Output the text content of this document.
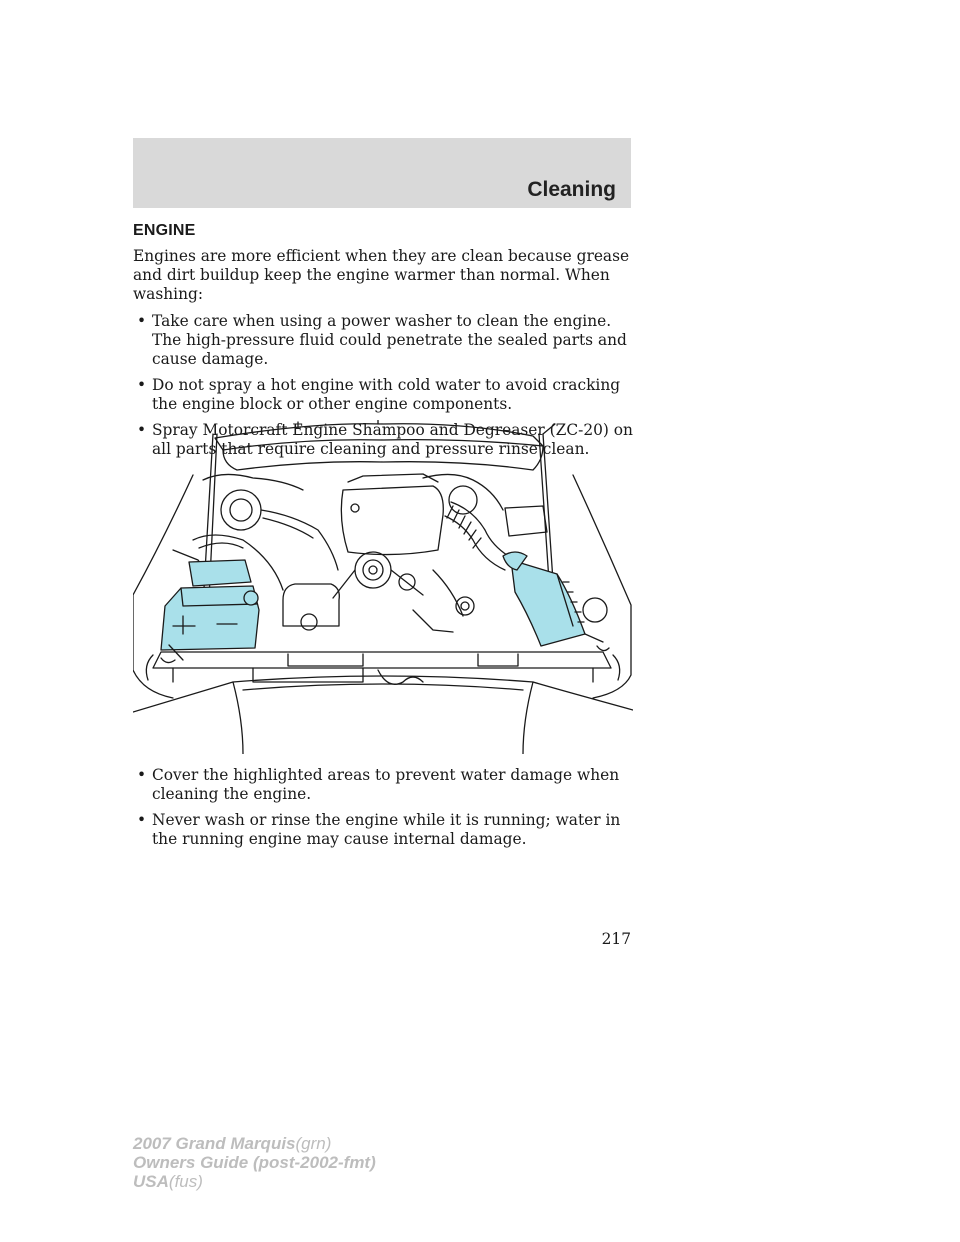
Cleaning
ENGINE

Engines are more efficient when they are clean because grease and dirt buildup keep the engine warmer than normal. When washing:

• Take care when using a power washer to clean the engine. The high-pressure fluid could penetrate the sealed parts and cause damage.
• Do not spray a hot engine with cold water to avoid cracking the engine block or other engine components.
• Spray Motorcraft Engine Shampoo and Degreaser (ZC-20) on all parts that require cleaning and pressure rinse clean.
• Cover the highlighted areas to prevent water damage when cleaning the engine.
• Never wash or rinse the engine while it is running; water in the running engine may cause internal damage.
217
2007 Grand Marquis(grn)
Owners Guide (post-2002-fmt)
USA(fus)
